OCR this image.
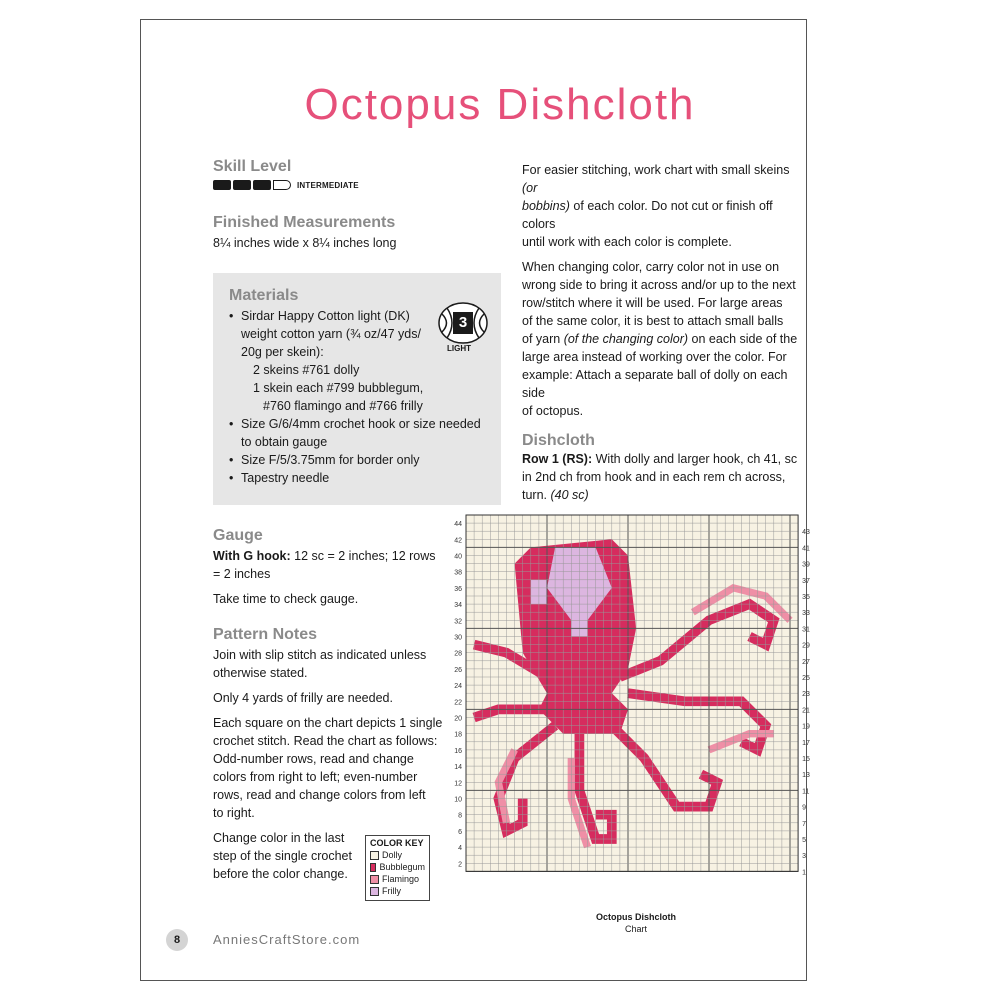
Octopus Dishcloth

Skill Level

INTERMEDIATE

Finished Measurements

8¼ inches wide x 8¼ inches long

Materials

• Sirdar Happy Cotton light (DK)
weight cotton yarn (¾ oz/47 yds/
20g per skein):
2 skeins #761 dolly
1 skein each #799 bubblegum,
#760 flamingo and #766 frilly
• Size G/6/4mm crochet hook or size needed
to obtain gauge
• Size F/5/3.75mm for border only
• Tapestry needle
3
LIGHT

Gauge

With G hook: 12 sc = 2 inches; 12 rows
= 2 inches

Take time to check gauge.

Pattern Notes

Join with slip stitch as indicated unless
otherwise stated.
Only 4 yards of frilly are needed.
Each square on the chart depicts 1 single
crochet stitch. Read the chart as follows:
Odd-number rows, read and change
colors from right to left; even-number
rows, read and change colors from left
to right.
Change color in the last
step of the single crochet
before the color change.
COLOR KEY
Dolly
Bubblegum
Flamingo
Frilly
For easier stitching, work chart with small skeins (or
bobbins) of each color. Do not cut or finish off colors
until work with each color is complete.
When changing color, carry color not in use on
wrong side to bring it across and/or up to the next
row/stitch where it will be used. For large areas
of the same color, it is best to attach small balls
of yarn (of the changing color) on each side of the
large area instead of working over the color. For
example: Attach a separate ball of dolly on each side
of octopus.

Dishcloth

Row 1 (RS): With dolly and larger hook, ch 41, sc
in 2nd ch from hook and in each rem ch across,
turn. (40 sc)
44
42
40
38
36
34
32
30
28
26
24
22
20
18
16
14
12
10
8
6
4
2
43
41
39
37
35
33
31
29
27
25
23
21
19
17
15
13
11
9
7
5
3
1
Octopus Dishcloth
Chart
8	AnniesCraftStore.com
